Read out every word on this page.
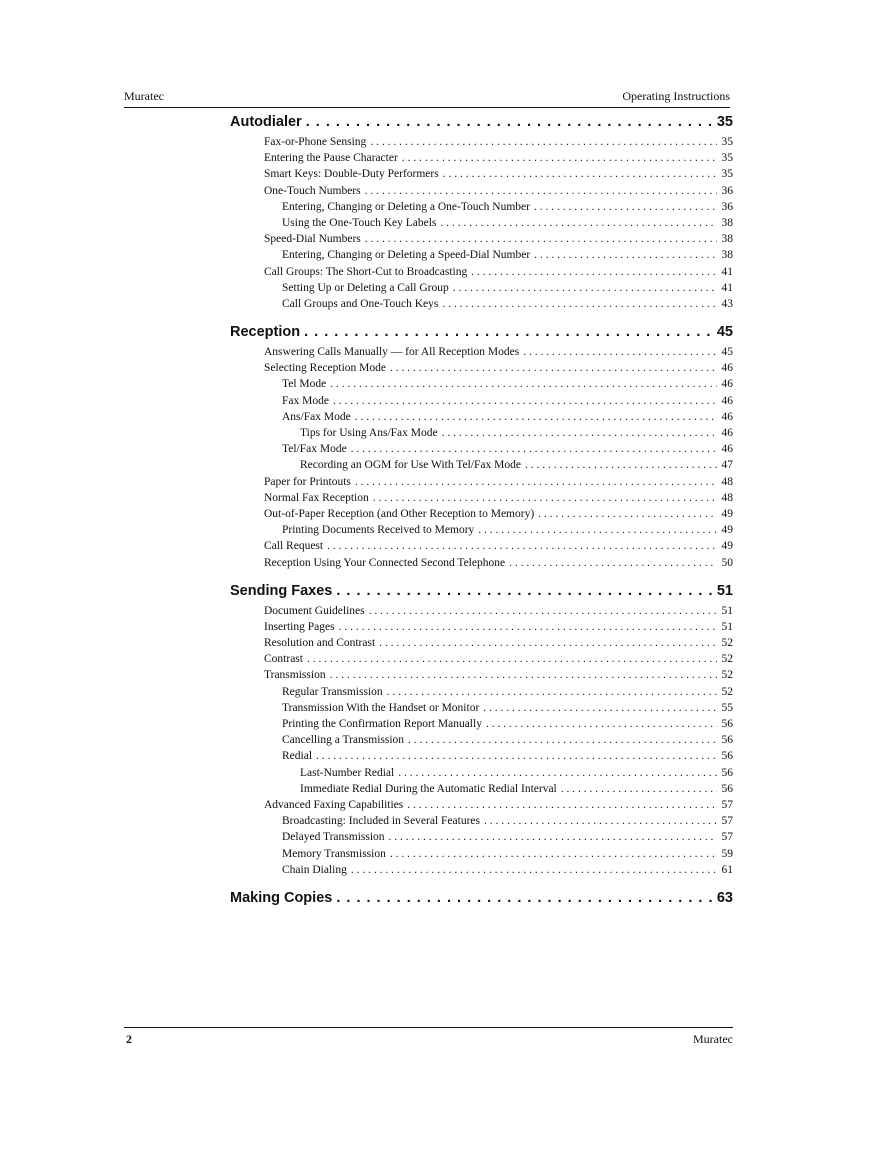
Muratec	Operating Instructions
Autodialer . . .	35
Fax-or-Phone Sensing . . .	35
Entering the Pause Character . . .	35
Smart Keys: Double-Duty Performers . . .	35
One-Touch Numbers . . .	36
Entering, Changing or Deleting a One-Touch Number . . .	36
Using the One-Touch Key Labels . . .	38
Speed-Dial Numbers . . .	38
Entering, Changing or Deleting a Speed-Dial Number . . .	38
Call Groups: The Short-Cut to Broadcasting . . .	41
Setting Up or Deleting a Call Group . . .	41
Call Groups and One-Touch Keys . . .	43
Reception . . .	45
Answering Calls Manually — for All Reception Modes . . .	45
Selecting Reception Mode . . .	46
Tel Mode . . .	46
Fax Mode . . .	46
Ans/Fax Mode . . .	46
Tips for Using Ans/Fax Mode . . .	46
Tel/Fax Mode . . .	46
Recording an OGM for Use With Tel/Fax Mode . . .	47
Paper for Printouts . . .	48
Normal Fax Reception . . .	48
Out-of-Paper Reception (and Other Reception to Memory) . . .	49
Printing Documents Received to Memory . . .	49
Call Request . . .	49
Reception Using Your Connected Second Telephone . . .	50
Sending Faxes . . .	51
Document Guidelines . . .	51
Inserting Pages . . .	51
Resolution and Contrast . . .	52
Contrast . . .	52
Transmission . . .	52
Regular Transmission . . .	52
Transmission With the Handset or Monitor . . .	55
Printing the Confirmation Report Manually . . .	56
Cancelling a Transmission . . .	56
Redial . . .	56
Last-Number Redial . . .	56
Immediate Redial During the Automatic Redial Interval . . .	56
Advanced Faxing Capabilities . . .	57
Broadcasting: Included in Several Features . . .	57
Delayed Transmission . . .	57
Memory Transmission . . .	59
Chain Dialing . . .	61
Making Copies . . .	63
2	Muratec
